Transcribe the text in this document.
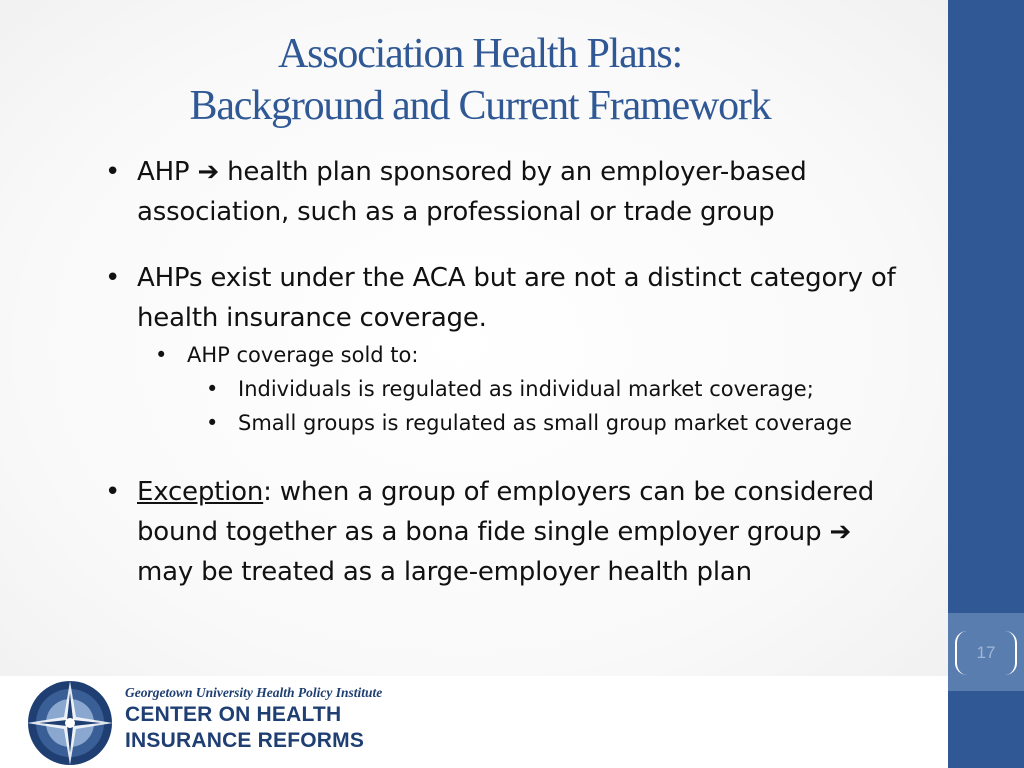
17
Association Health Plans:
Background and Current Framework
• AHP ➔ health plan sponsored by an employer-based association, such as a professional or trade group
• AHPs exist under the ACA but are not a distinct category of health insurance coverage.
• AHP coverage sold to:
• Individuals is regulated as individual market coverage;
• Small groups is regulated as small group market coverage
• Exception: when a group of employers can be considered bound together as a bona fide single employer group ➔ may be treated as a large-employer health plan
Georgetown University Health Policy Institute
CENTER ON HEALTH
INSURANCE REFORMS
